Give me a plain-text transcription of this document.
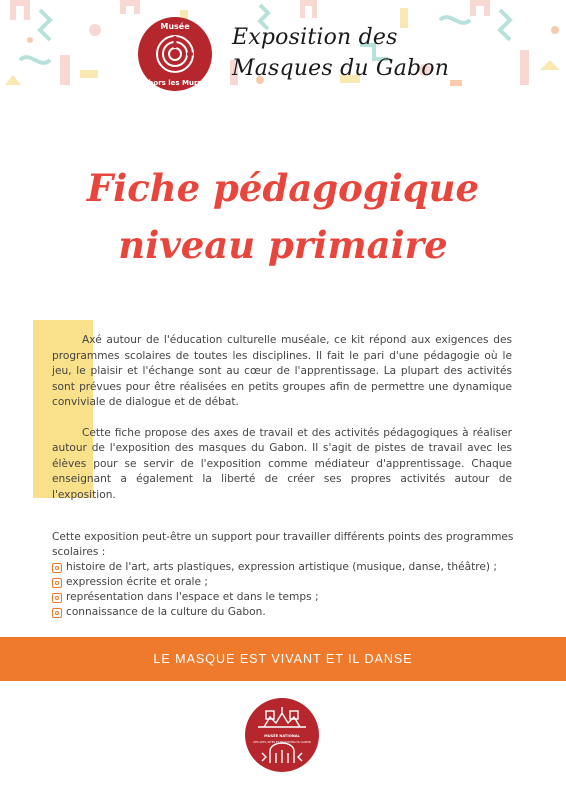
Musée
hors les Murs
Exposition des
Masques du Gabon
Fiche pédagogique
niveau primaire

Axé autour de l'éducation culturelle muséale, ce kit répond aux exigences des programmes scolaires de toutes les disciplines. Il fait le pari d'une pédagogie où le jeu, le plaisir et l'échange sont au cœur de l'apprentissage. La plupart des activités sont prévues pour être réalisées en petits groupes afin de permettre une dynamique conviviale de dialogue et de débat.

Cette fiche propose des axes de travail et des activités pédagogiques à réaliser autour de l'exposition des masques du Gabon. Il s'agit de pistes de travail avec les élèves pour se servir de l'exposition comme médiateur d'apprentissage. Chaque enseignant a également la liberté de créer ses propres activités autour de l'exposition.

Cette exposition peut-être un support pour travailler différents points des programmes scolaires :

histoire de l'art, arts plastiques, expression artistique (musique, danse, théâtre) ;
expression écrite et orale ;
représentation dans l'espace et dans le temps ;
connaissance de la culture du Gabon.
LE MASQUE EST VIVANT ET IL DANSE
MUSÉE NATIONAL
DES ARTS, RITES ET TRADITIONS DU GABON
